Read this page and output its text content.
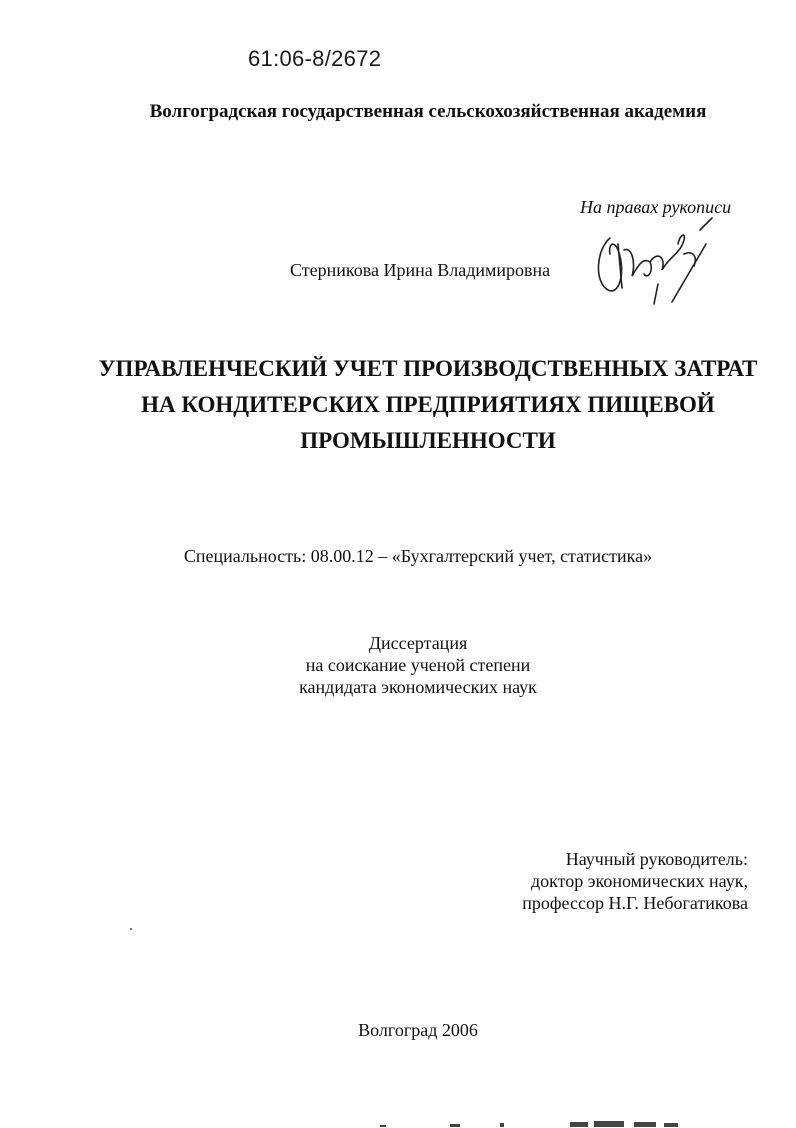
61:06-8/2672
Волгоградская государственная сельскохозяйственная академия
На правах рукописи
Стерникова Ирина Владимировна
УПРАВЛЕНЧЕСКИЙ УЧЕТ ПРОИЗВОДСТВЕННЫХ ЗАТРАТ
НА КОНДИТЕРСКИХ ПРЕДПРИЯТИЯХ ПИЩЕВОЙ
ПРОМЫШЛЕННОСТИ
Специальность: 08.00.12 – «Бухгалтерский учет, статистика»
Диссертация
на соискание ученой степени
кандидата экономических наук
Научный руководитель:
доктор экономических наук,
профессор Н.Г. Небогатикова
Волгоград 2006
